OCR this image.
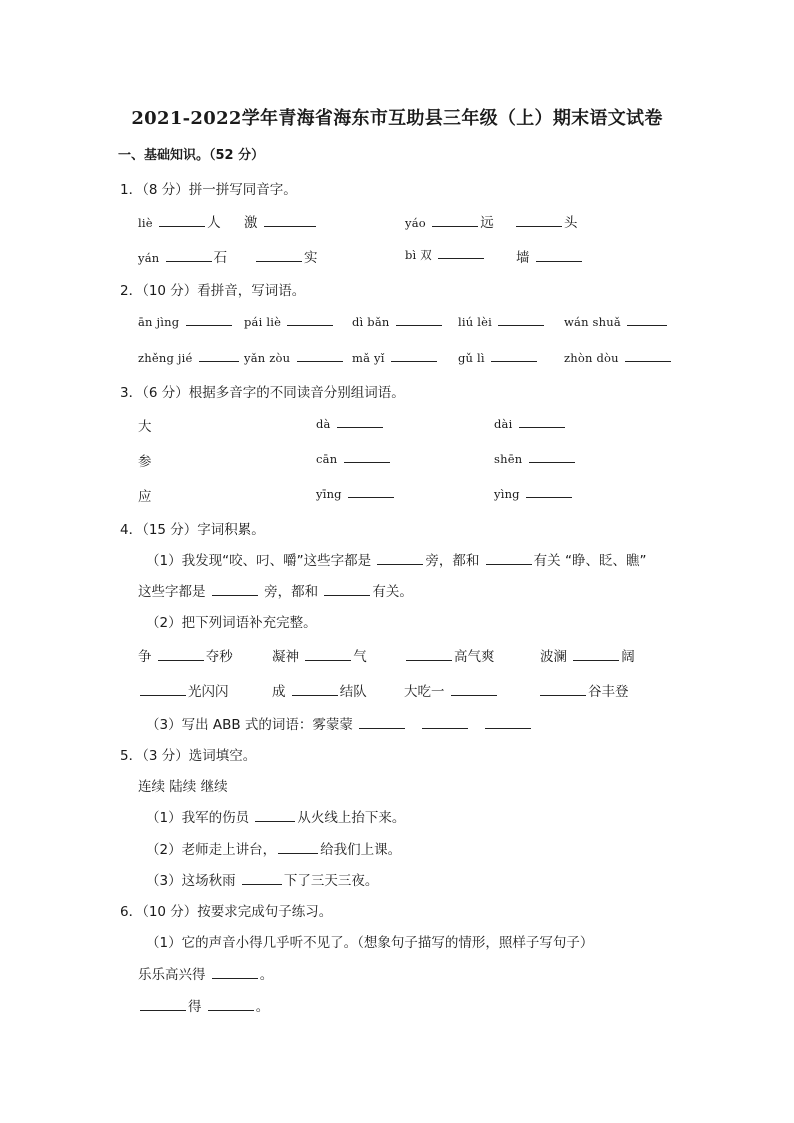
2021-2022学年青海省海东市互助县三年级（上）期末语文试卷
一、基础知识。（52 分）
1．（8 分）拼一拼写同音字。
liè	人 激	yáo	远	头
yán	石	实	bì 双	墙
2．（10 分）看拼音，写词语。
ān jìng	pái liè	dì bǎn	liú lèi	wán shuǎ
zhěng jié	yǎn zòu	mǎ yǐ	gǔ lì	zhòn dòu
3．（6 分）根据多音字的不同读音分别组词语。
大	dà	dài
参	cān	shēn
应	yīng	yìng
4．（15 分）字词积累。
（1）我发现“咬、叼、嚼”这些字都是	旁，都和	有关 “睁、眨、瞧”
这些字都是	旁，都和	有关。
（2）把下列词语补充完整。
争	夺秒	凝神	气	高气爽	波澜	阔
光闪闪	成	结队	大吃一	谷丰登
（3）写出 ABB 式的词语：雾蒙蒙
5．（3 分）选词填空。
连续 陆续 继续
（1）我军的伤员	从火线上抬下来。
（2）老师走上讲台，	给我们上课。
（3）这场秋雨	下了三天三夜。
6．（10 分）按要求完成句子练习。
（1）它的声音小得几乎听不见了。（想象句子描写的情形，照样子写句子）
乐乐高兴得	。
得	。
